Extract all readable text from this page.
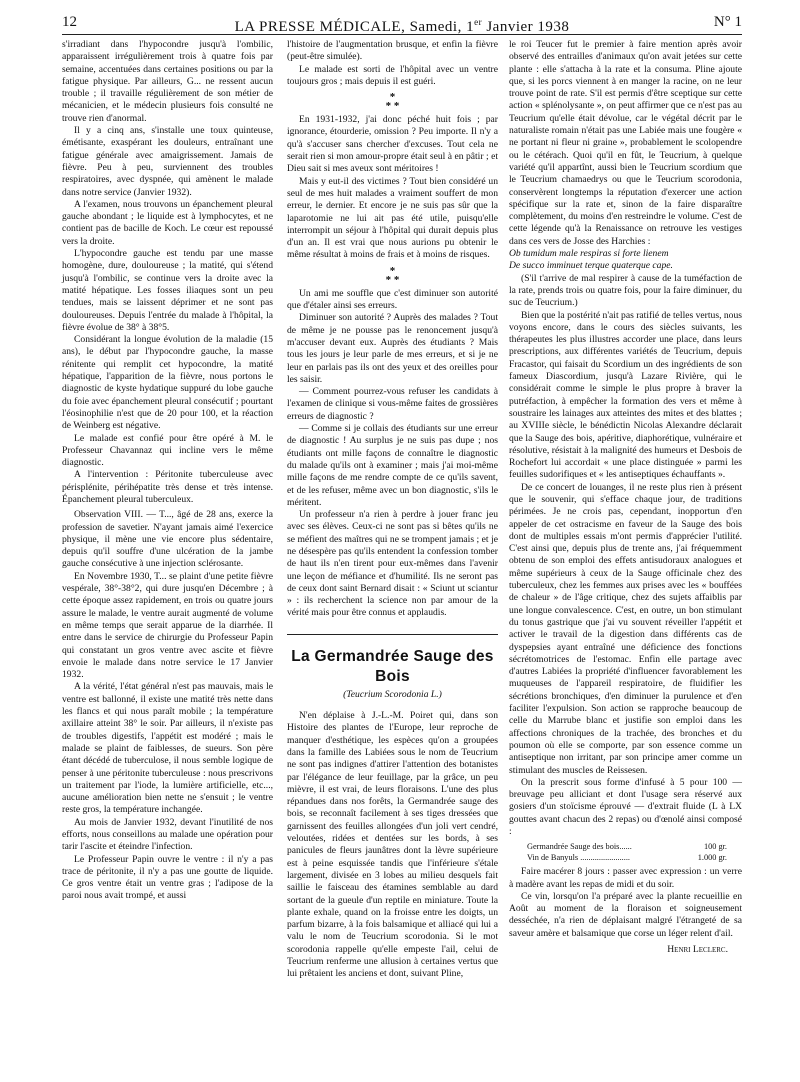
12	LA PRESSE MÉDICALE, Samedi, 1er Janvier 1938	N° 1

s'irradiant dans l'hypocondre jusqu'à l'ombilic, apparaissent irrégulièrement trois à quatre fois par semaine, accentuées dans certaines positions ou par la fatigue physique. Par ailleurs, G... ne ressent aucun trouble ; il travaille régulièrement de son métier de mécanicien, et le médecin plusieurs fois consulté ne trouve rien d'anormal.

Il y a cinq ans, s'installe une toux quinteuse, émétisante, exaspérant les douleurs, entraînant une fatigue générale avec amaigrissement. Jamais de fièvre. Peu à peu, surviennent des troubles respiratoires, avec dyspnée, qui amènent le malade dans notre service (Janvier 1932).

A l'examen, nous trouvons un épanchement pleural gauche abondant ; le liquide est à lymphocytes, et ne contient pas de bacille de Koch. Le cœur est repoussé vers la droite.

L'hypocondre gauche est tendu par une masse homogène, dure, douloureuse ; la matité, qui s'étend jusqu'à l'ombilic, se continue vers la droite avec la matité hépatique. Les fosses iliaques sont un peu tendues, mais se laissent déprimer et ne sont pas douloureuses. Depuis l'entrée du malade à l'hôpital, la fièvre évolue de 38° à 38°5.

Considérant la longue évolution de la maladie (15 ans), le début par l'hypocondre gauche, la masse rénitente qui remplit cet hypocondre, la matité hépatique, l'apparition de la fièvre, nous portons le diagnostic de kyste hydatique suppuré du lobe gauche du foie avec épanchement pleural consécutif ; pourtant l'éosinophilie n'est que de 20 pour 100, et la réaction de Weinberg est négative.

Le malade est confié pour être opéré à M. le Professeur Chavannaz qui incline vers le même diagnostic.

A l'intervention : Péritonite tuberculeuse avec périsplénite, périhépatite très dense et très intense. Épanchement pleural tuberculeux.

Observation VIII. — T..., âgé de 28 ans, exerce la profession de savetier. N'ayant jamais aimé l'exercice physique, il mène une vie encore plus sédentaire, depuis qu'il souffre d'une ulcération de la jambe gauche consécutive à une injection sclérosante.

En Novembre 1930, T... se plaint d'une petite fièvre vespérale, 38°-38°2, qui dure jusqu'en Décembre ; à cette époque assez rapidement, en trois ou quatre jours assure le malade, le ventre aurait augmenté de volume en même temps que serait apparue de la diarrhée. Il entre dans le service de chirurgie du Professeur Papin qui constatant un gros ventre avec ascite et fièvre envoie le malade dans notre service le 17 Janvier 1932.

A la vérité, l'état général n'est pas mauvais, mais le ventre est ballonné, il existe une matité très nette dans les flancs et qui nous paraît mobile ; la température axillaire atteint 38° le soir. Par ailleurs, il n'existe pas de troubles digestifs, l'appétit est modéré ; mais le malade se plaint de faiblesses, de sueurs. Son père étant décédé de tuberculose, il nous semble logique de penser à une péritonite tuberculeuse : nous prescrivons un traitement par l'iode, la lumière artificielle, etc..., aucune amélioration bien nette ne s'ensuit ; le ventre reste gros, la température inchangée.

Au mois de Janvier 1932, devant l'inutilité de nos efforts, nous conseillons au malade une opération pour tarir l'ascite et éteindre l'infection.

Le Professeur Papin ouvre le ventre : il n'y a pas trace de péritonite, il n'y a pas une goutte de liquide. Ce gros ventre était un ventre gras ; l'adipose de la paroi nous avait trompé, et aussi

l'histoire de l'augmentation brusque, et enfin la fièvre (peut-être simulée).

Le malade est sorti de l'hôpital avec un ventre toujours gros ; mais depuis il est guéri.

*
* *

En 1931-1932, j'ai donc péché huit fois ; par ignorance, étourderie, omission ? Peu importe. Il n'y a qu'à s'accuser sans chercher d'excuses. Tout cela ne serait rien si mon amour-propre était seul à en pâtir ; et Dieu sait si mes aveux sont méritoires !

Mais y eut-il des victimes ? Tout bien considéré un seul de mes huit malades a vraiment souffert de mon erreur, le dernier. Et encore je ne suis pas sûr que la laparotomie ne lui ait pas été utile, puisqu'elle interrompit un séjour à l'hôpital qui durait depuis plus d'un an. Il est vrai que nous aurions pu obtenir le même résultat à moins de frais et à moins de risques.

*
* *

Un ami me souffle que c'est diminuer son autorité que d'étaler ainsi ses erreurs.

Diminuer son autorité ? Auprès des malades ? Tout de même je ne pousse pas le renoncement jusqu'à m'accuser devant eux. Auprès des étudiants ? Mais tous les jours je leur parle de mes erreurs, et si je ne leur en parlais pas ils ont des yeux et des oreilles pour les saisir.

— Comment pourrez-vous refuser les candidats à l'examen de clinique si vous-même faites de grossières erreurs de diagnostic ?

— Comme si je collais des étudiants sur une erreur de diagnostic ! Au surplus je ne suis pas dupe ; nos étudiants ont mille façons de connaître le diagnostic du malade qu'ils ont à examiner ; mais j'ai moi-même mille façons de me rendre compte de ce qu'ils savent, et de les refuser, même avec un bon diagnostic, s'ils le méritent.

Un professeur n'a rien à perdre à jouer franc jeu avec ses élèves. Ceux-ci ne sont pas si bêtes qu'ils ne se méfient des maîtres qui ne se trompent jamais ; et je ne désespère pas qu'ils entendent la confession tomber de haut ils n'en tirent pour eux-mêmes dans l'avenir une leçon de méfiance et d'humilité. Ils ne seront pas de ceux dont saint Bernard disait : « Sciunt ut sciantur » : ils recherchent la science non par amour de la vérité mais pour être connus et applaudis.

La Germandrée Sauge des Bois
(Teucrium Scorodonia L.)

N'en déplaise à J.-L.-M. Poiret qui, dans son Histoire des plantes de l'Europe, leur reproche de manquer d'esthétique, les espèces qu'on a groupées dans la famille des Labiées sous le nom de Teucrium ne sont pas indignes d'attirer l'attention des botanistes par l'élégance de leur feuillage, par la grâce, un peu mièvre, il est vrai, de leurs floraisons. L'une des plus répandues dans nos forêts, la Germandrée sauge des bois, se reconnaît facilement à ses tiges dressées que garnissent des feuilles allongées d'un joli vert cendré, veloutées, ridées et dentées sur les bords, à ses panicules de fleurs jaunâtres dont la lèvre supérieure est à peine esquissée tandis que l'inférieure s'étale largement, divisée en 3 lobes au milieu desquels fait saillie le faisceau des étamines semblable au dard sortant de la gueule d'un reptile en miniature. Toute la plante exhale, quand on la froisse entre les doigts, un parfum bizarre, à la fois balsamique et alliacé qui lui a valu le nom de Teucrium scorodonia. Si le mot scorodonia rappelle qu'elle empeste l'ail, celui de Teucrium renferme une allusion à certaines vertus que lui prêtaient les anciens et dont, suivant Pline,

le roi Teucer fut le premier à faire mention après avoir observé des entrailles d'animaux qu'on avait jetées sur cette plante : elle s'attacha à la rate et la consuma. Pline ajoute que, si les porcs viennent à en manger la racine, on ne leur trouve point de rate. S'il est permis d'être sceptique sur cette action « splénolysante », on peut affirmer que ce n'est pas au Teucrium qu'elle était dévolue, car le végétal décrit par le naturaliste romain n'était pas une Labiée mais une fougère « ne portant ni fleur ni graine », probablement le scolopendre ou le cétérach. Quoi qu'il en fût, le Teucrium, à quelque variété qu'il appartînt, aussi bien le Teucrium scordium que le Teucrium chamaedrys ou que le Teucrium scorodonia, conservèrent longtemps la réputation d'exercer une action spécifique sur la rate et, sinon de la faire disparaître complètement, du moins d'en restreindre le volume. C'est de cette légende qu'à la Renaissance on retrouve les vestiges dans ces vers de Josse des Harchies :

Ob tumidum male respiras si forte lienem

De succo imminuet terque quaterque cape.

(S'il t'arrive de mal respirer à cause de la tuméfaction de la rate, prends trois ou quatre fois, pour la faire diminuer, du suc de Teucrium.)

Bien que la postérité n'ait pas ratifié de telles vertus, nous voyons encore, dans le cours des siècles suivants, les thérapeutes les plus illustres accorder une place, dans leurs prescriptions, aux différentes variétés de Teucrium, depuis Fracastor, qui faisait du Scordium un des ingrédients de son fameux Diascordium, jusqu'à Lazare Rivière, qui le considérait comme le simple le plus propre à braver la putréfaction, à empêcher la formation des vers et même à soustraire les lainages aux atteintes des mites et des blattes ; au XVIIIe siècle, le bénédictin Nicolas Alexandre déclarait que la Sauge des bois, apéritive, diaphorétique, vulnéraire et résolutive, résistait à la malignité des humeurs et Desbois de Rochefort lui accordait « une place distinguée » parmi les feuilles sudorifiques et « les antiseptiques échauffants ».

De ce concert de louanges, il ne reste plus rien à présent que le souvenir, qui s'efface chaque jour, de traditions périmées. Je ne crois pas, cependant, inopportun d'en appeler de cet ostracisme en faveur de la Sauge des bois dont de multiples essais m'ont permis d'apprécier l'utilité. C'est ainsi que, depuis plus de trente ans, j'ai fréquemment obtenu de son emploi des effets antisudoraux analogues et même supérieurs à ceux de la Sauge officinale chez des tuberculeux, chez les femmes aux prises avec les « bouffées de chaleur » de l'âge critique, chez des sujets affaiblis par une longue convalescence. C'est, en outre, un bon stimulant du tonus gastrique que j'ai vu souvent réveiller l'appétit et activer le travail de la digestion dans différents cas de dyspepsies ayant entraîné une déficience des fonctions sécrétomotrices de l'estomac. Enfin elle partage avec d'autres Labiées la propriété d'influencer favorablement les muqueuses de l'appareil respiratoire, de fluidifier les sécrétions bronchiques, d'en diminuer la purulence et d'en faciliter l'expulsion. Son action se rapproche beaucoup de celle du Marrube blanc et justifie son emploi dans les affections chroniques de la trachée, des bronches et du poumon où elle se comporte, par son essence comme un antiseptique non irritant, par son principe amer comme un stimulant des muscles de Reissesen.

On la prescrit sous forme d'infusé à 5 pour 100 — breuvage peu alliciant et dont l'usage sera réservé aux gosiers d'un stoïcisme éprouvé — d'extrait fluide (L à LX gouttes avant chacun des 2 repas) ou d'œnolé ainsi composé :

Germandrée Sauge des bois......	100 gr.
Vin de Banyuls ........................	1.000 gr.

Faire macérer 8 jours : passer avec expression : un verre à madère avant les repas de midi et du soir.

Ce vin, lorsqu'on l'a préparé avec la plante recueillie en Août au moment de la floraison et soigneusement desséchée, n'a rien de déplaisant malgré l'étrangeté de sa saveur amère et balsamique que corse un léger relent d'ail.

Henri Leclerc.
